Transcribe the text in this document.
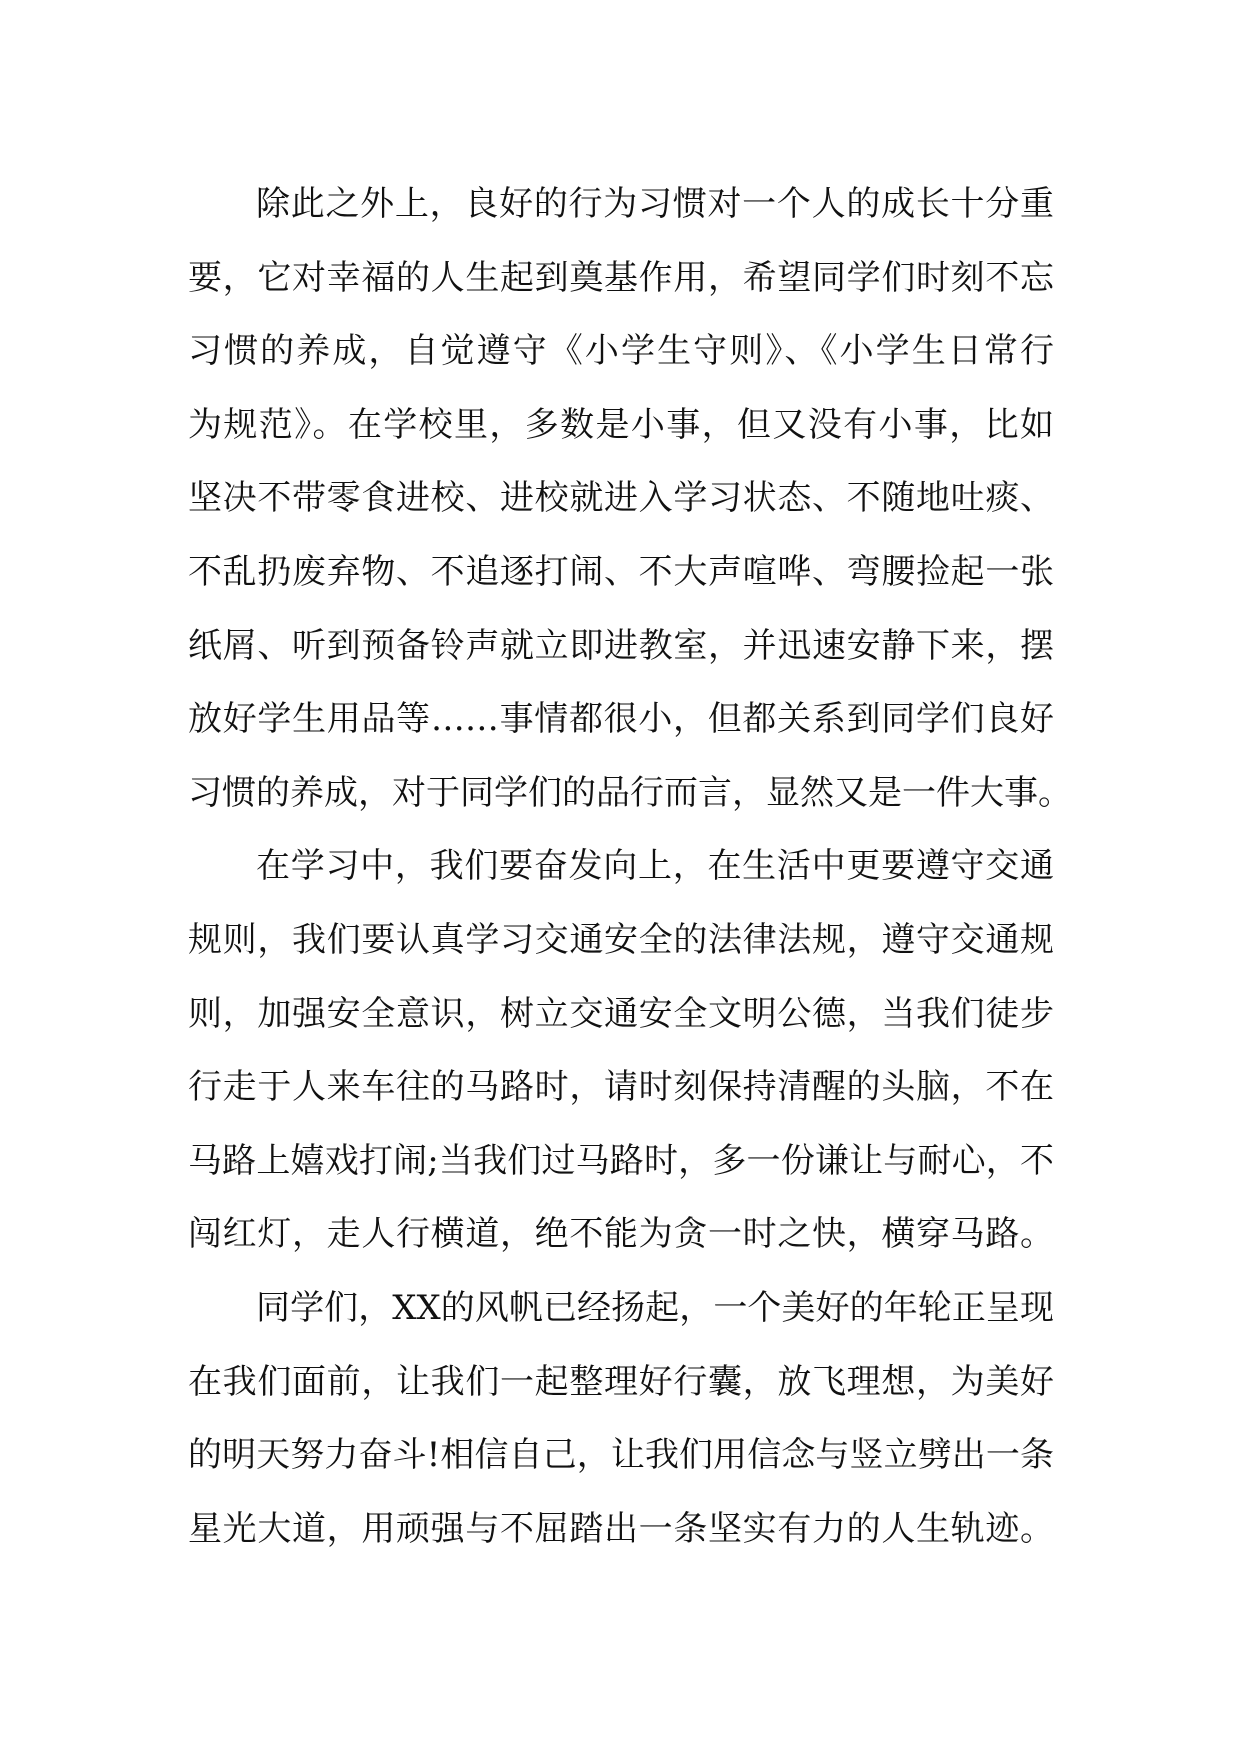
除此之外上，良好的行为习惯对一个人的成长十分重
要，它对幸福的人生起到奠基作用，希望同学们时刻不忘
习惯的养成，自觉遵守《小学生守则》、《小学生日常行
为规范》。在学校里，多数是小事，但又没有小事，比如
坚决不带零食进校、进校就进入学习状态、不随地吐痰、
不乱扔废弃物、不追逐打闹、不大声喧哗、弯腰捡起一张
纸屑、听到预备铃声就立即进教室，并迅速安静下来，摆
放好学生用品等……事情都很小，但都关系到同学们良好
习惯的养成，对于同学们的品行而言，显然又是一件大事。
在学习中，我们要奋发向上，在生活中更要遵守交通
规则，我们要认真学习交通安全的法律法规，遵守交通规
则，加强安全意识，树立交通安全文明公德，当我们徒步
行走于人来车往的马路时，请时刻保持清醒的头脑，不在
马路上嬉戏打闹;当我们过马路时，多一份谦让与耐心，不
闯红灯，走人行横道，绝不能为贪一时之快，横穿马路。
同学们，XX的风帆已经扬起，一个美好的年轮正呈现
在我们面前，让我们一起整理好行囊，放飞理想，为美好
的明天努力奋斗!相信自己，让我们用信念与竖立劈出一条
星光大道，用顽强与不屈踏出一条坚实有力的人生轨迹。
